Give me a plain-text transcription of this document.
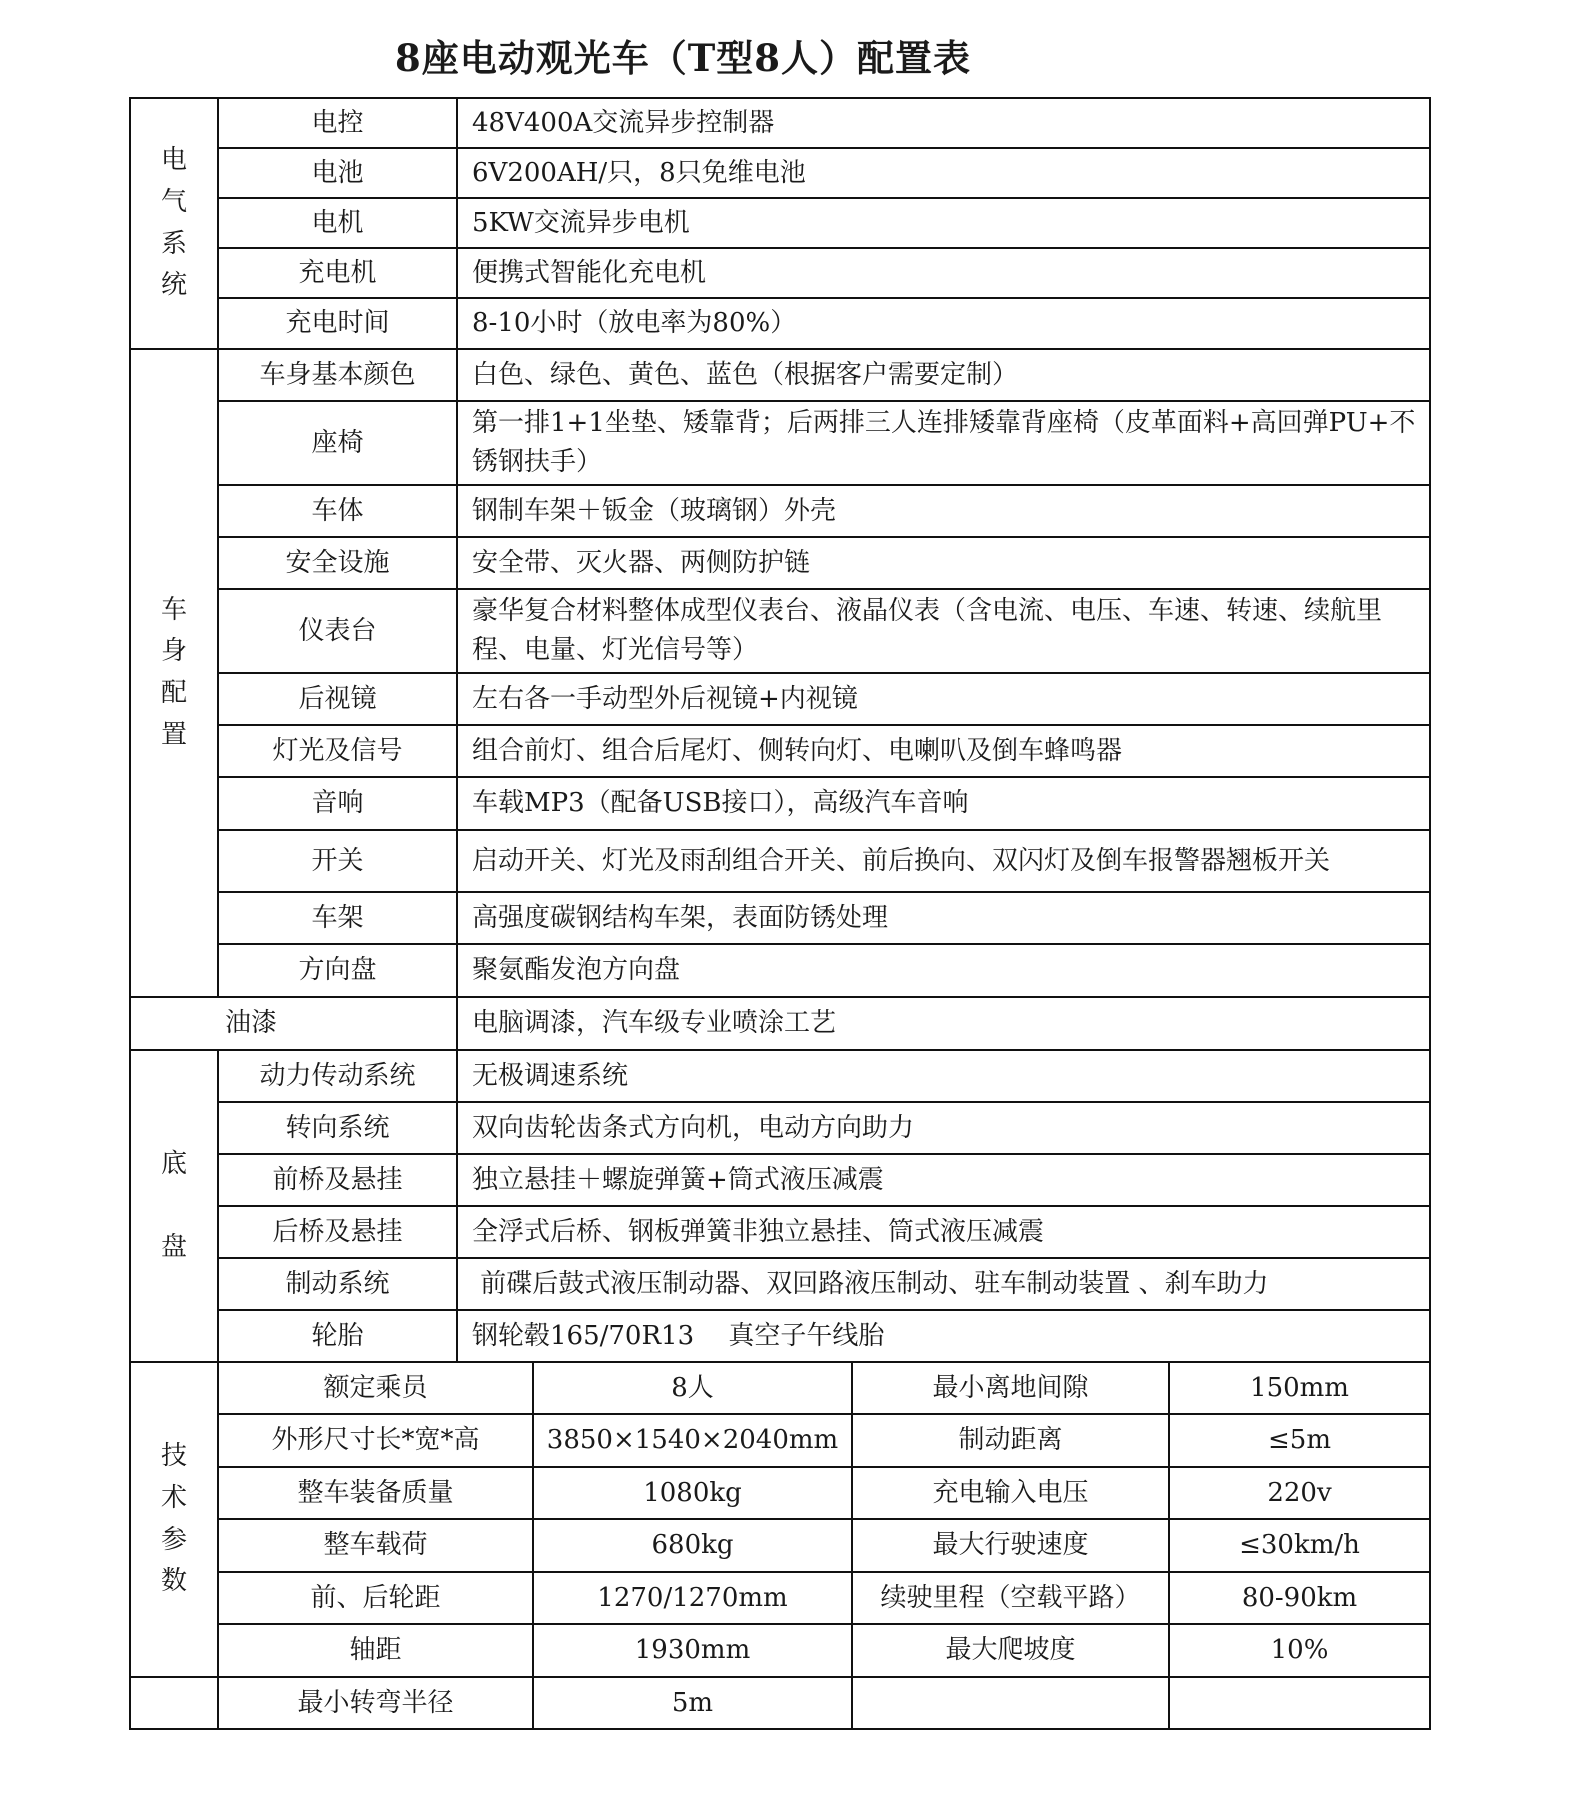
8座电动观光车（T型8人）配置表
电
气
系
统	电控	48V400A交流异步控制器			
	电池	6V200AH/只，8只免维电池			
	电机	5KW交流异步电机			
	充电机	便携式智能化充电机			
	充电时间	8-10小时（放电率为80%）			

车
身
配
置	车身基本颜色	白色、绿色、黄色、蓝色（根据客户需要定制）			
	座椅	第一排1+1坐垫、矮靠背；后两排三人连排矮靠背座椅（皮革面料+高回弹PU+不锈钢扶手）			
	车体	钢制车架＋钣金（玻璃钢）外壳			
	安全设施	安全带、灭火器、两侧防护链			
	仪表台	豪华复合材料整体成型仪表台、液晶仪表（含电流、电压、车速、转速、续航里程、电量、灯光信号等）			
	后视镜	左右各一手动型外后视镜+内视镜			
	灯光及信号	组合前灯、组合后尾灯、侧转向灯、电喇叭及倒车蜂鸣器			
	音响	车载MP3（配备USB接口），高级汽车音响			
	开关	启动开关、灯光及雨刮组合开关、前后换向、双闪灯及倒车报警器翘板开关			
	车架	高强度碳钢结构车架，表面防锈处理			
	方向盘	聚氨酯发泡方向盘			
油漆		电脑调漆，汽车级专业喷涂工艺			

底
盘	动力传动系统	无极调速系统			
	转向系统	双向齿轮齿条式方向机，电动方向助力			
	前桥及悬挂	独立悬挂＋螺旋弹簧+筒式液压减震			
	后桥及悬挂	全浮式后桥、钢板弹簧非独立悬挂、筒式液压减震			
	制动系统	前碟后鼓式液压制动器、双回路液压制动、驻车制动装置 、刹车助力			
	轮胎	钢轮毂165/70R13　 真空子午线胎			

技
术
参
数	额定乘员		8人	最小离地间隙	150mm
	外形尺寸长*宽*高		3850×1540×2040mm	制动距离	≤5m
	整车装备质量		1080kg	充电输入电压	220v
	整车载荷		680kg	最大行驶速度	≤30km/h
	前、后轮距		1270/1270mm	续驶里程（空载平路）	80-90km
	轴距		1930mm	最大爬坡度	10%
	最小转弯半径		5m		
